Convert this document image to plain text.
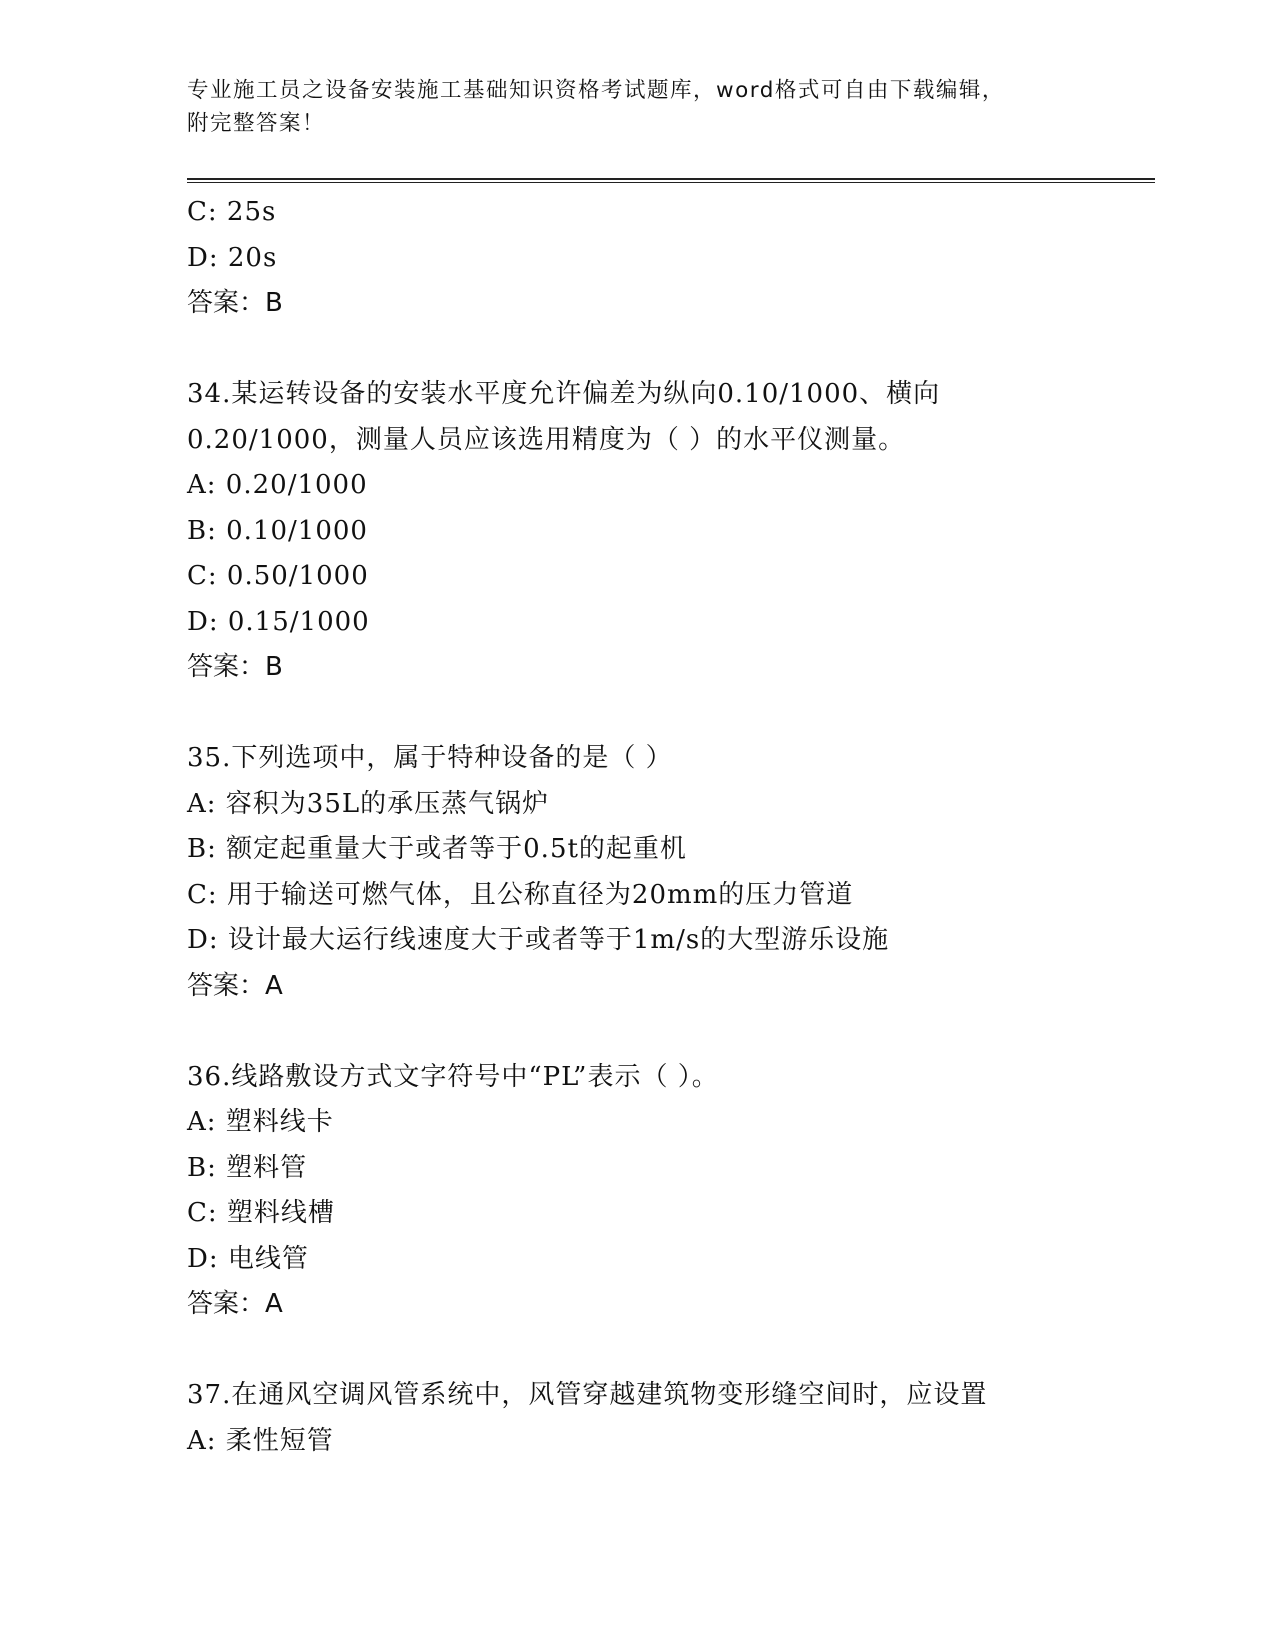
专业施工员之设备安装施工基础知识资格考试题库，word格式可自由下载编辑，
附完整答案！
C: 25s
D: 20s
答案：B
34.某运转设备的安装水平度允许偏差为纵向0.10/1000、横向
0.20/1000，测量人员应该选用精度为（ ）的水平仪测量。
A: 0.20/1000
B: 0.10/1000
C: 0.50/1000
D: 0.15/1000
答案：B
35.下列选项中，属于特种设备的是（ ）
A: 容积为35L的承压蒸气锅炉
B: 额定起重量大于或者等于0.5t的起重机
C: 用于输送可燃气体，且公称直径为20mm的压力管道
D: 设计最大运行线速度大于或者等于1m/s的大型游乐设施
答案：A
36.线路敷设方式文字符号中“PL”表示（ ）。
A: 塑料线卡
B: 塑料管
C: 塑料线槽
D: 电线管
答案：A
37.在通风空调风管系统中，风管穿越建筑物变形缝空间时，应设置
A: 柔性短管
